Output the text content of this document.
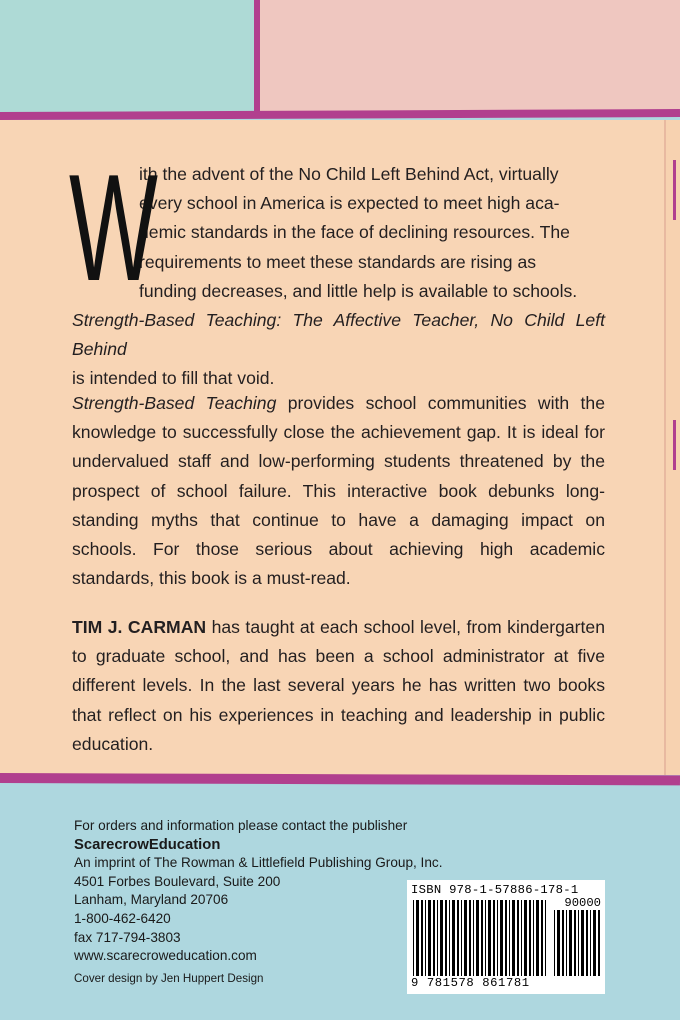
W
ith the advent of the No Child Left Behind Act, virtually
every school in America is expected to meet high aca-
demic standards in the face of declining resources. The
requirements to meet these standards are rising as
funding decreases, and little help is available to schools.
Strength-Based Teaching: The Affective Teacher, No Child Left Behind
is intended to fill that void.
Strength-Based Teaching provides school communities with the knowledge to successfully close the achievement gap. It is ideal for undervalued staff and low-performing students threatened by the prospect of school failure. This interactive book debunks long-standing myths that continue to have a damaging impact on schools. For those serious about achieving high academic standards, this book is a must-read.
TIM J. CARMAN has taught at each school level, from kindergarten to graduate school, and has been a school administrator at five different levels. In the last several years he has written two books that reflect on his experiences in teaching and leadership in public education.
For orders and information please contact the publisher
ScarecrowEducation
An imprint of The Rowman & Littlefield Publishing Group, Inc.
4501 Forbes Boulevard, Suite 200
Lanham, Maryland 20706
1-800-462-6420
fax 717-794-3803
www.scarecroweducation.com
Cover design by Jen Huppert Design
ISBN 978-1-57886-178-1
90000
9 781578 861781
